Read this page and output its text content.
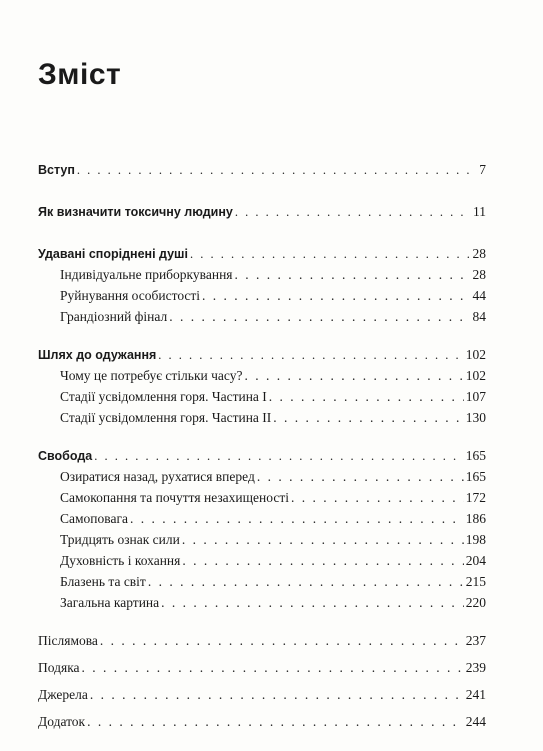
Зміст
Вступ . . .	7
Як визначити токсичну людину . . .	11
Удавані споріднені душі . . .	28
Індивідуальне приборкування . . .	28
Руйнування особистості . . .	44
Грандіозний фінал . . .	84
Шлях до одужання . . .	102
Чому це потребує стільки часу? . . .	102
Стадії усвідомлення горя. Частина І . . .	107
Стадії усвідомлення горя. Частина ІІ . . .	130
Свобода . . .	165
Озиратися назад, рухатися вперед . . .	165
Самокопання та почуття незахищеності . . .	172
Самоповага . . .	186
Тридцять ознак сили . . .	198
Духовність і кохання . . .	204
Блазень та світ . . .	215
Загальна картина . . .	220
Післямова . . .	237
Подяка . . .	239
Джерела . . .	241
Додаток . . .	244
